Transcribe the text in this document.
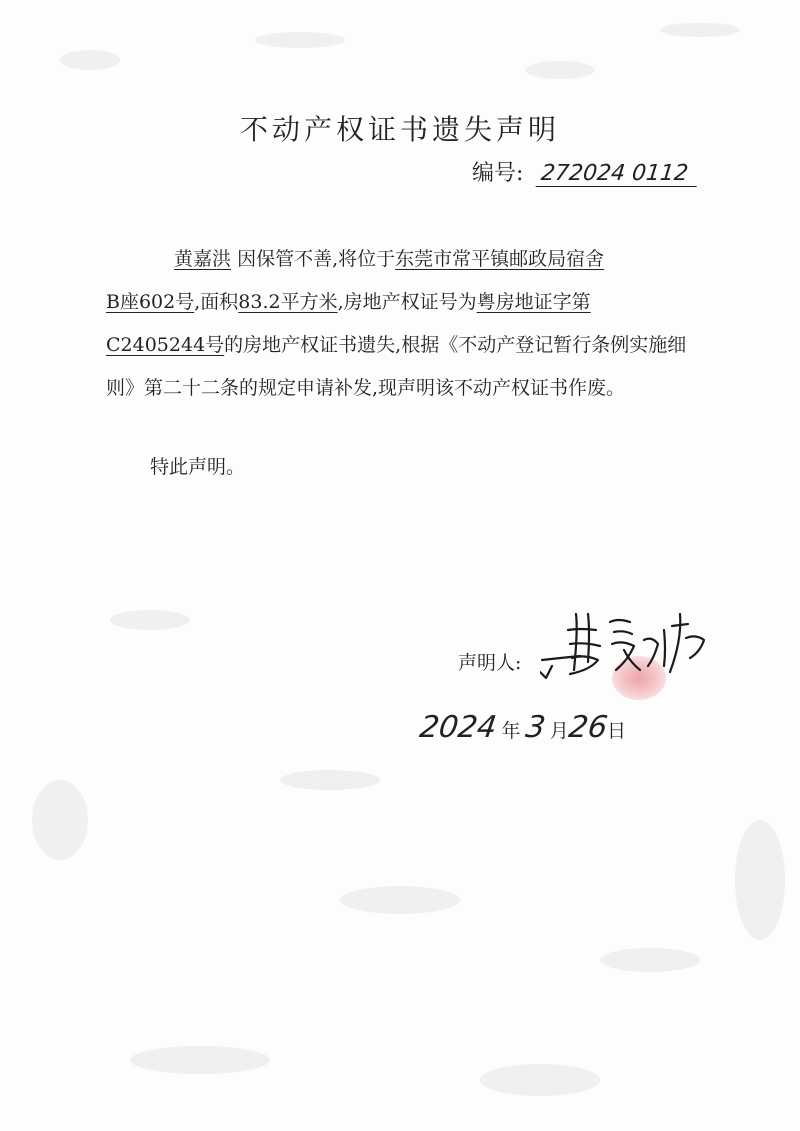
不动产权证书遗失声明
编号: 272024 0112

黄嘉洪 因保管不善,将位于东莞市常平镇邮政局宿舍
B座602号,面积83.2平方米,房地产权证号为粤房地证字第
C2405244号的房地产权证书遗失,根据《不动产登记暂行条例实施细则》第二十二条的规定申请补发,现声明该不动产权证书作废。

特此声明。
声明人:
2024 年 3 月26日
